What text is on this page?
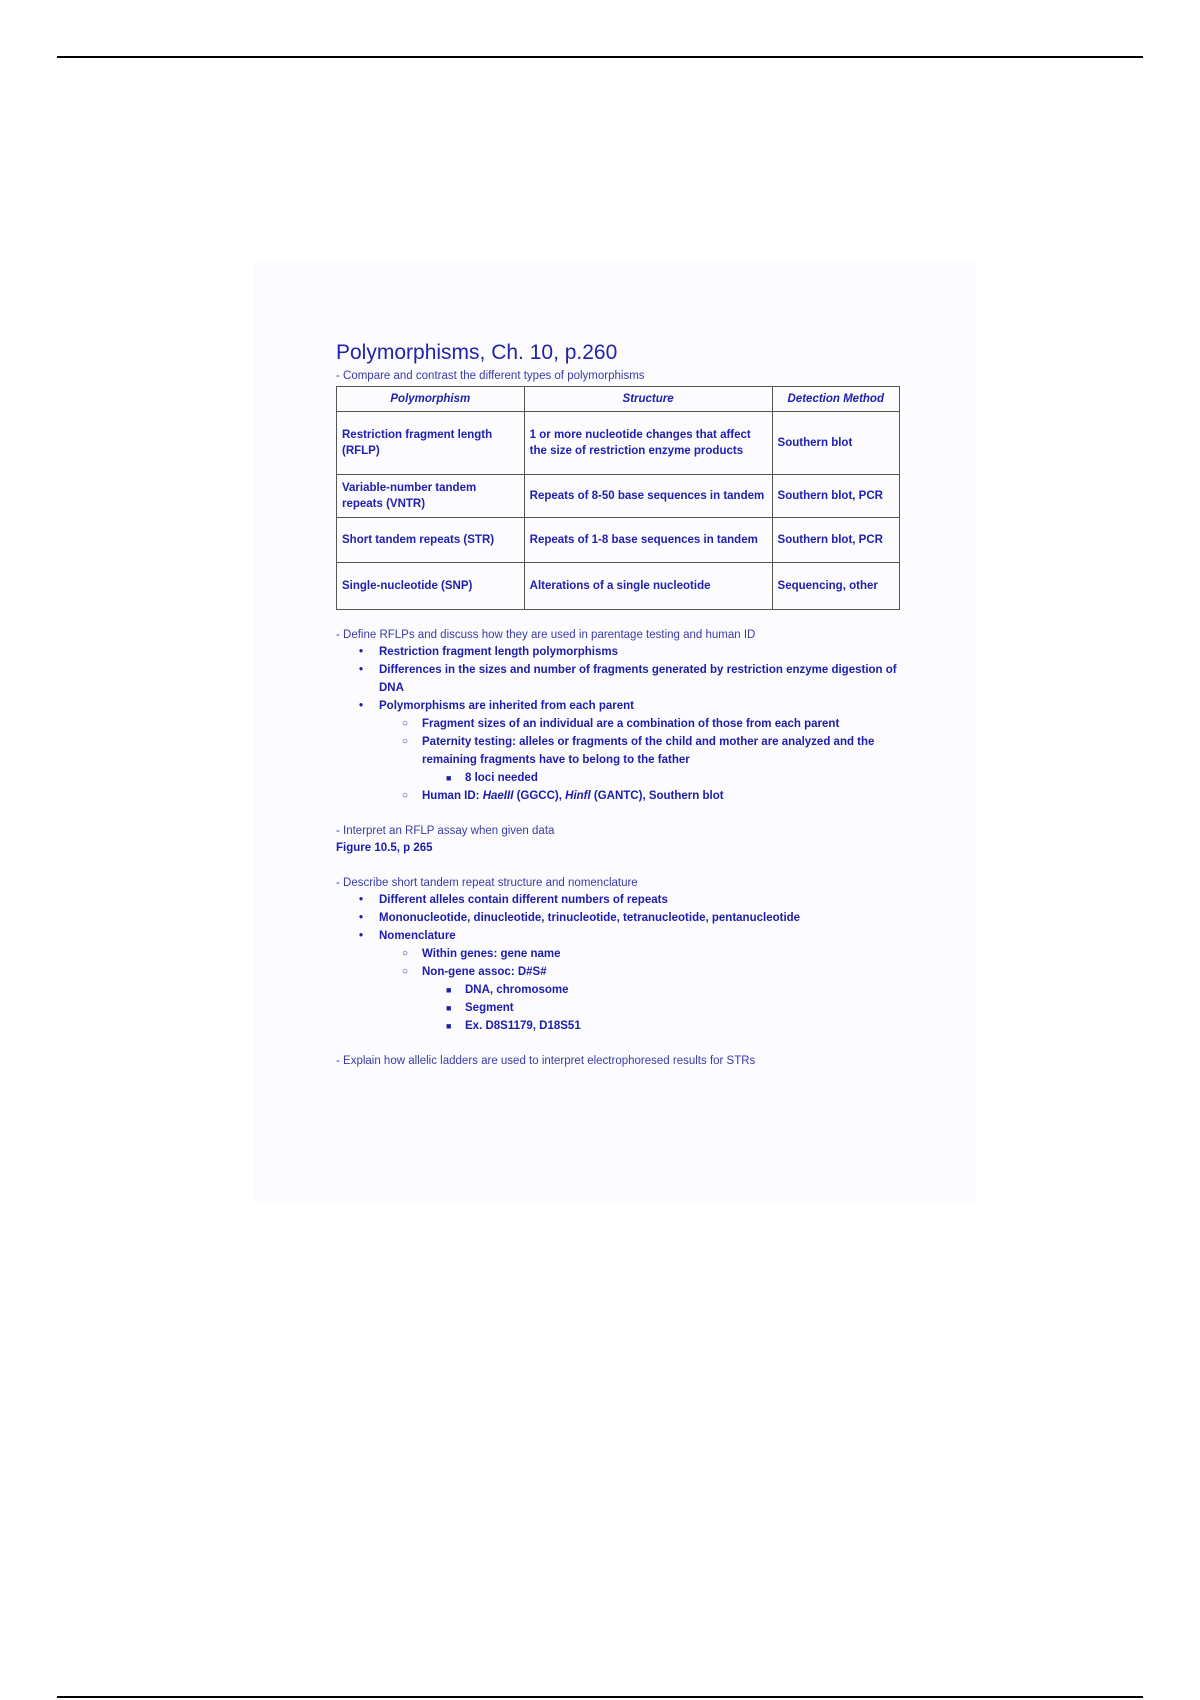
Polymorphisms, Ch. 10, p.260
- Compare and contrast the different types of polymorphisms
Polymorphism	Structure	Detection Method
Restriction fragment length (RFLP)	1 or more nucleotide changes that affect the size of restriction enzyme products	Southern blot
Variable-number tandem repeats (VNTR)	Repeats of 8-50 base sequences in tandem	Southern blot, PCR
Short tandem repeats (STR)	Repeats of 1-8 base sequences in tandem	Southern blot, PCR
Single-nucleotide (SNP)	Alterations of a single nucleotide	Sequencing, other
- Define RFLPs and discuss how they are used in parentage testing and human ID
• Restriction fragment length polymorphisms
• Differences in the sizes and number of fragments generated by restriction enzyme digestion of DNA
• Polymorphisms are inherited from each parent
○ Fragment sizes of an individual are a combination of those from each parent
○ Paternity testing: alleles or fragments of the child and mother are analyzed and the remaining fragments have to belong to the father
■ 8 loci needed
○ Human ID: HaeIII (GGCC), Hinfl (GANTC), Southern blot
- Interpret an RFLP assay when given data
Figure 10.5, p 265
- Describe short tandem repeat structure and nomenclature
• Different alleles contain different numbers of repeats
• Mononucleotide, dinucleotide, trinucleotide, tetranucleotide, pentanucleotide
• Nomenclature
○ Within genes: gene name
○ Non-gene assoc: D#S#
■ DNA, chromosome
■ Segment
■ Ex. D8S1179, D18S51
- Explain how allelic ladders are used to interpret electrophoresed results for STRs
